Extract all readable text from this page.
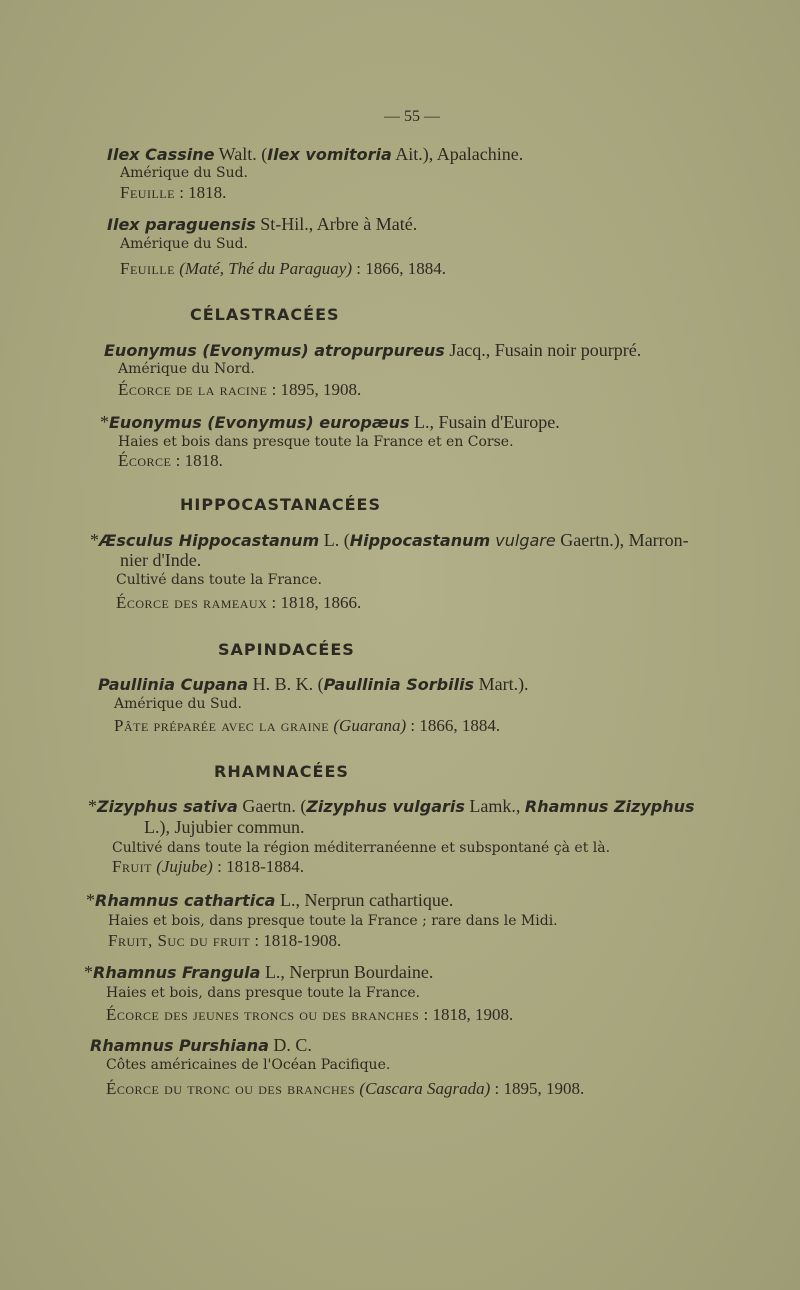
— 55 —
Ilex Cassine Walt. (Ilex vomitoria Ait.), Apalachine.
Amérique du Sud.
Feuille : 1818.
Ilex paraguensis St-Hil., Arbre à Maté.
Amérique du Sud.
Feuille (Maté, Thé du Paraguay) : 1866, 1884.
CÉLASTRACÉES
Euonymus (Evonymus) atropurpureus Jacq., Fusain noir pourpré.
Amérique du Nord.
Écorce de la racine : 1895, 1908.
*Euonymus (Evonymus) europæus L., Fusain d'Europe.
Haies et bois dans presque toute la France et en Corse.
Écorce : 1818.
HIPPOCASTANACÉES
*Æsculus Hippocastanum L. (Hippocastanum vulgare Gaertn.), Marron-
nier d'Inde.
Cultivé dans toute la France.
Écorce des rameaux : 1818, 1866.
SAPINDACÉES
Paullinia Cupana H. B. K. (Paullinia Sorbilis Mart.).
Amérique du Sud.
Pâte préparée avec la graine (Guarana) : 1866, 1884.
RHAMNACÉES
*Zizyphus sativa Gaertn. (Zizyphus vulgaris Lamk., Rhamnus Zizyphus
L.), Jujubier commun.
Cultivé dans toute la région méditerranéenne et subspontané çà et là.
Fruit (Jujube) : 1818-1884.
*Rhamnus cathartica L., Nerprun cathartique.
Haies et bois, dans presque toute la France ; rare dans le Midi.
Fruit, Suc du fruit : 1818-1908.
*Rhamnus Frangula L., Nerprun Bourdaine.
Haies et bois, dans presque toute la France.
Écorce des jeunes troncs ou des branches : 1818, 1908.
Rhamnus Purshiana D. C.
Côtes américaines de l'Océan Pacifique.
Écorce du tronc ou des branches (Cascara Sagrada) : 1895, 1908.
